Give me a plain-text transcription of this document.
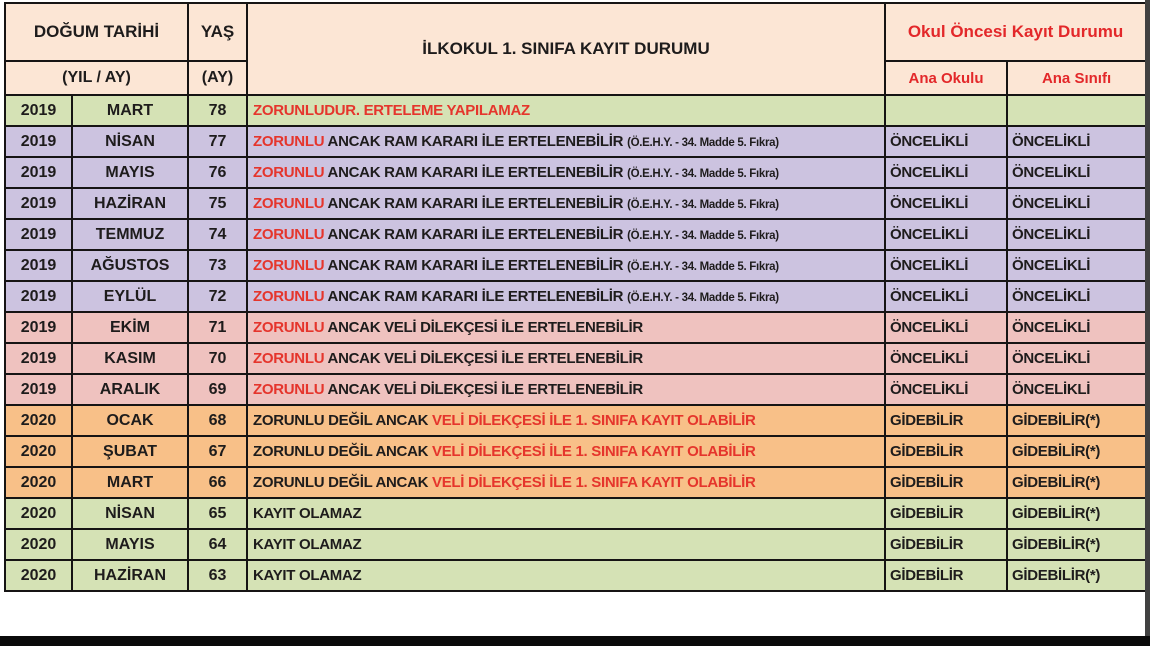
DOĞUM TARİHİ		YAŞ	İLKOKUL 1. SINIFA KAYIT DURUMU	Okul Öncesi Kayıt Durumu	
(YIL / AY)		(AY)		Ana Okulu	Ana Sınıfı
2019	MART	78	ZORUNLUDUR. ERTELEME YAPILAMAZ		
2019	NİSAN	77	ZORUNLU ANCAK RAM KARARI İLE ERTELENEBİLİR (Ö.E.H.Y. - 34. Madde 5. Fıkra)	ÖNCELİKLİ	ÖNCELİKLİ
2019	MAYIS	76	ZORUNLU ANCAK RAM KARARI İLE ERTELENEBİLİR (Ö.E.H.Y. - 34. Madde 5. Fıkra)	ÖNCELİKLİ	ÖNCELİKLİ
2019	HAZİRAN	75	ZORUNLU ANCAK RAM KARARI İLE ERTELENEBİLİR (Ö.E.H.Y. - 34. Madde 5. Fıkra)	ÖNCELİKLİ	ÖNCELİKLİ
2019	TEMMUZ	74	ZORUNLU ANCAK RAM KARARI İLE ERTELENEBİLİR (Ö.E.H.Y. - 34. Madde 5. Fıkra)	ÖNCELİKLİ	ÖNCELİKLİ
2019	AĞUSTOS	73	ZORUNLU ANCAK RAM KARARI İLE ERTELENEBİLİR (Ö.E.H.Y. - 34. Madde 5. Fıkra)	ÖNCELİKLİ	ÖNCELİKLİ
2019	EYLÜL	72	ZORUNLU ANCAK RAM KARARI İLE ERTELENEBİLİR (Ö.E.H.Y. - 34. Madde 5. Fıkra)	ÖNCELİKLİ	ÖNCELİKLİ
2019	EKİM	71	ZORUNLU ANCAK VELİ DİLEKÇESİ İLE ERTELENEBİLİR	ÖNCELİKLİ	ÖNCELİKLİ
2019	KASIM	70	ZORUNLU ANCAK VELİ DİLEKÇESİ İLE ERTELENEBİLİR	ÖNCELİKLİ	ÖNCELİKLİ
2019	ARALIK	69	ZORUNLU ANCAK VELİ DİLEKÇESİ İLE ERTELENEBİLİR	ÖNCELİKLİ	ÖNCELİKLİ
2020	OCAK	68	ZORUNLU DEĞİL ANCAK VELİ DİLEKÇESİ İLE 1. SINIFA KAYIT OLABİLİR	GİDEBİLİR	GİDEBİLİR(*)
2020	ŞUBAT	67	ZORUNLU DEĞİL ANCAK VELİ DİLEKÇESİ İLE 1. SINIFA KAYIT OLABİLİR	GİDEBİLİR	GİDEBİLİR(*)
2020	MART	66	ZORUNLU DEĞİL ANCAK VELİ DİLEKÇESİ İLE 1. SINIFA KAYIT OLABİLİR	GİDEBİLİR	GİDEBİLİR(*)
2020	NİSAN	65	KAYIT OLAMAZ	GİDEBİLİR	GİDEBİLİR(*)
2020	MAYIS	64	KAYIT OLAMAZ	GİDEBİLİR	GİDEBİLİR(*)
2020	HAZİRAN	63	KAYIT OLAMAZ	GİDEBİLİR	GİDEBİLİR(*)
